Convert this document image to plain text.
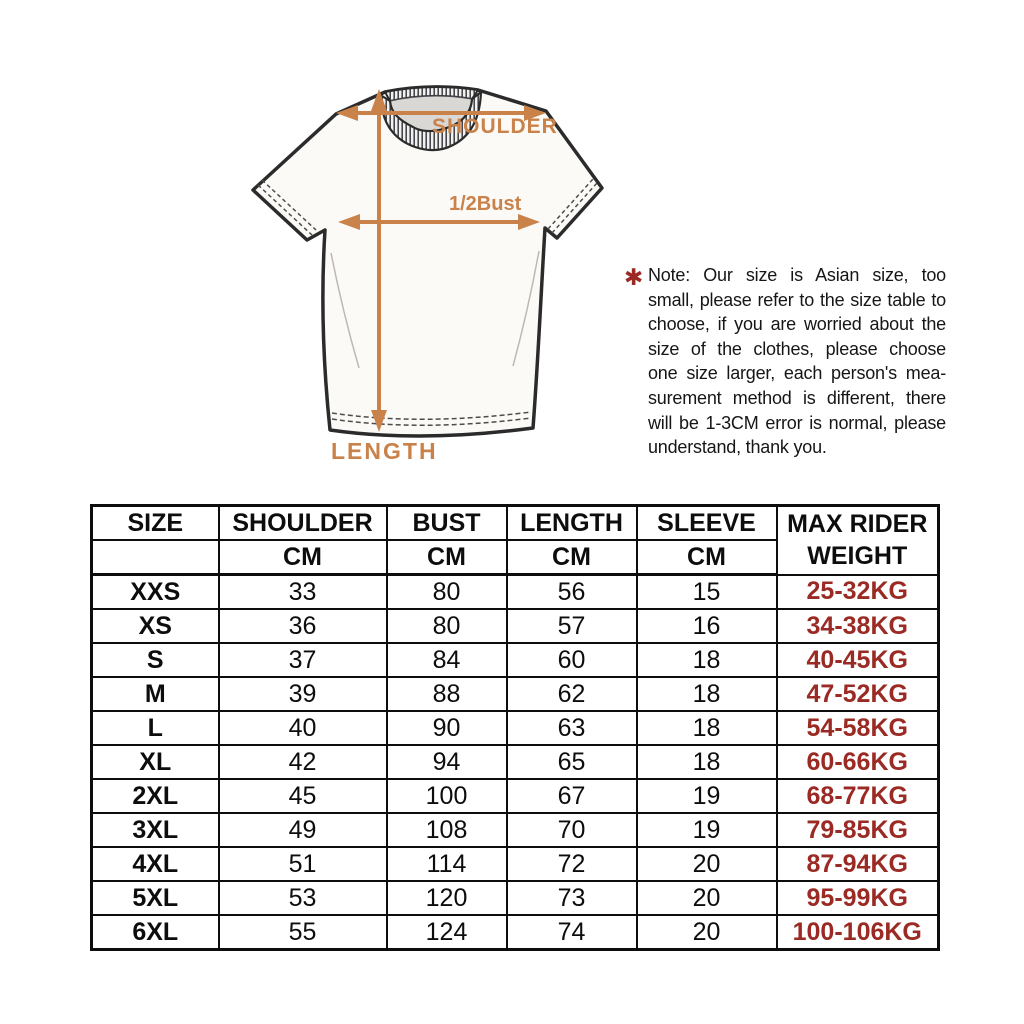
SHOULDER
1/2Bust
LENGTH
✱ Note: Our size is Asian size, too
small, please refer to the size table to
choose, if you are worried about the
size of the clothes, please choose
one size larger, each person's mea-
surement method is different, there
will be 1-3CM error is normal, please
understand, thank you.
SIZE	SHOULDER	BUST	LENGTH	SLEEVE	MAX RIDER
WEIGHT

	CM	CM	CM	CM	
XXS	33	80	56	15	25-32KG
XS	36	80	57	16	34-38KG
S	37	84	60	18	40-45KG
M	39	88	62	18	47-52KG
L	40	90	63	18	54-58KG
XL	42	94	65	18	60-66KG
2XL	45	100	67	19	68-77KG
3XL	49	108	70	19	79-85KG
4XL	51	114	72	20	87-94KG
5XL	53	120	73	20	95-99KG
6XL	55	124	74	20	100-106KG
